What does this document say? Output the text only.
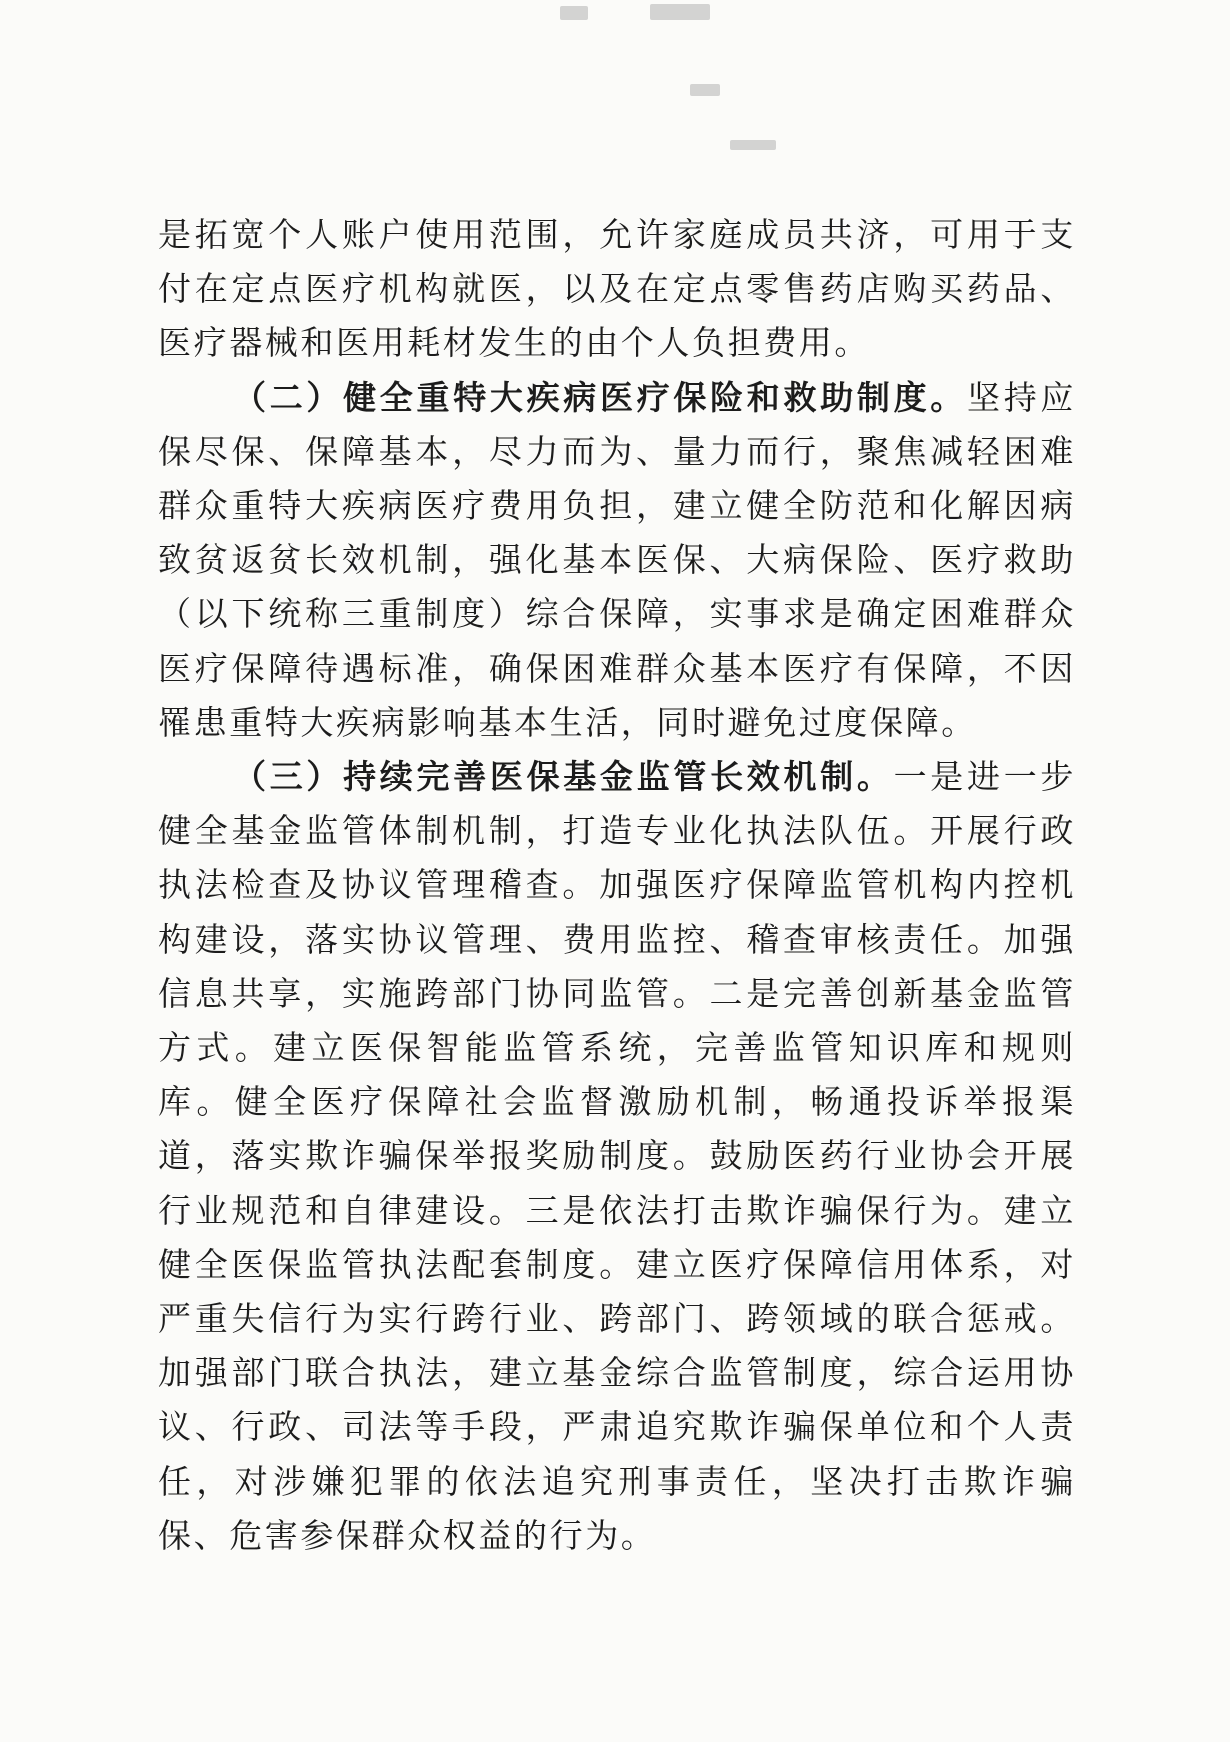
是拓宽个人账户使用范围，允许家庭成员共济，可用于支付在定点医疗机构就医，以及在定点零售药店购买药品、医疗器械和医用耗材发生的由个人负担费用。

（二）健全重特大疾病医疗保险和救助制度。坚持应保尽保、保障基本，尽力而为、量力而行，聚焦减轻困难群众重特大疾病医疗费用负担，建立健全防范和化解因病致贫返贫长效机制，强化基本医保、大病保险、医疗救助（以下统称三重制度）综合保障，实事求是确定困难群众医疗保障待遇标准，确保困难群众基本医疗有保障，不因罹患重特大疾病影响基本生活，同时避免过度保障。

（三）持续完善医保基金监管长效机制。一是进一步健全基金监管体制机制，打造专业化执法队伍。开展行政执法检查及协议管理稽查。加强医疗保障监管机构内控机构建设，落实协议管理、费用监控、稽查审核责任。加强信息共享，实施跨部门协同监管。二是完善创新基金监管方式。建立医保智能监管系统，完善监管知识库和规则库。健全医疗保障社会监督激励机制，畅通投诉举报渠道，落实欺诈骗保举报奖励制度。鼓励医药行业协会开展行业规范和自律建设。三是依法打击欺诈骗保行为。建立健全医保监管执法配套制度。建立医疗保障信用体系，对严重失信行为实行跨行业、跨部门、跨领域的联合惩戒。加强部门联合执法，建立基金综合监管制度，综合运用协议、行政、司法等手段，严肃追究欺诈骗保单位和个人责任，对涉嫌犯罪的依法追究刑事责任，坚决打击欺诈骗保、危害参保群众权益的行为。
